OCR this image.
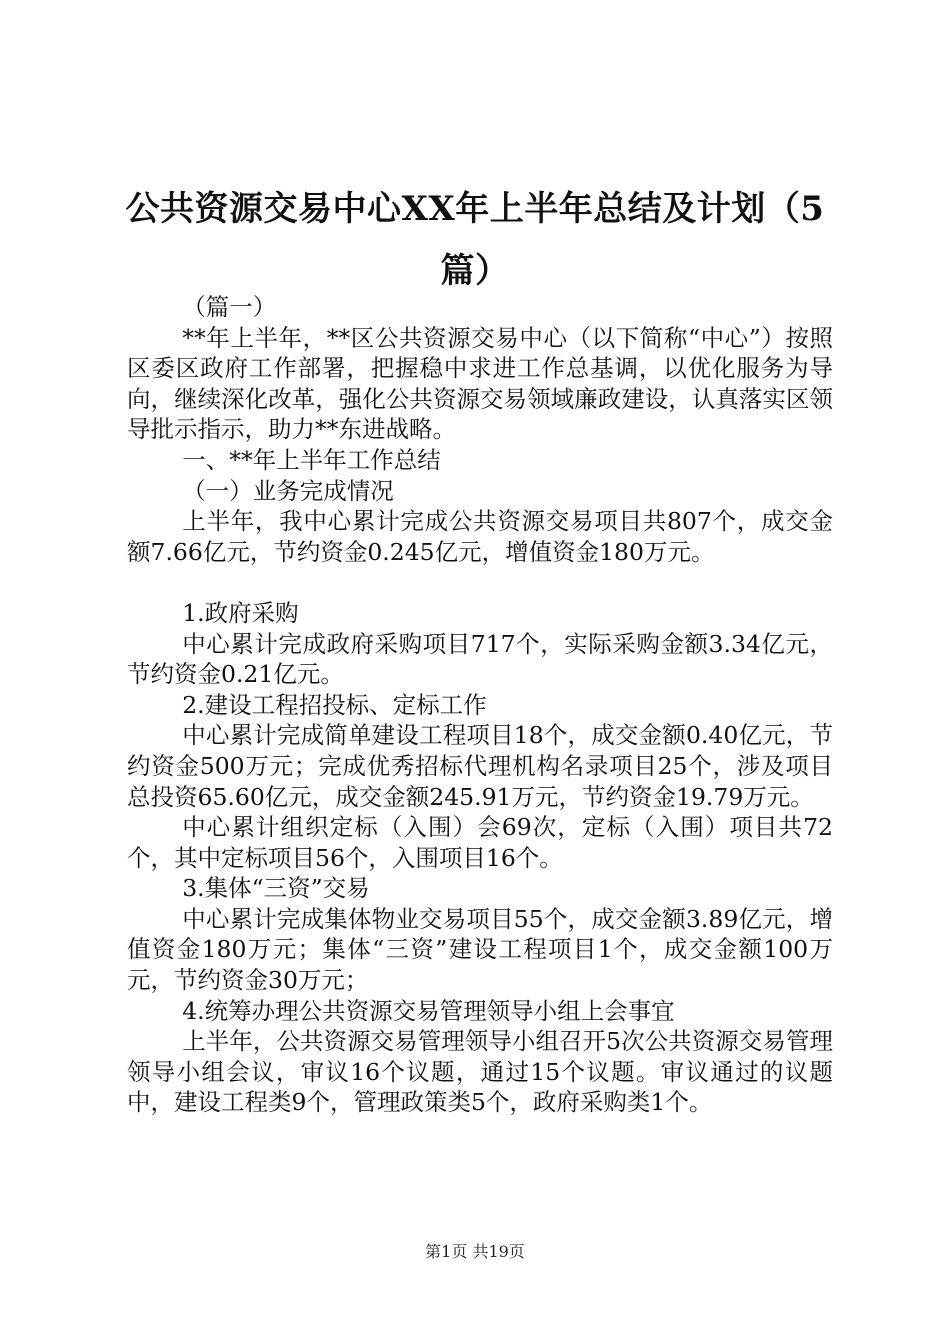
公共资源交易中心XX年上半年总结及计划（5篇）

（篇一）

**年上半年，**区公共资源交易中心（以下简称“中心”）按照区委区政府工作部署，把握稳中求进工作总基调，以优化服务为导向，继续深化改革，强化公共资源交易领域廉政建设，认真落实区领导批示指示，助力**东进战略。

一、**年上半年工作总结

（一）业务完成情况

上半年，我中心累计完成公共资源交易项目共807个，成交金额7.66亿元，节约资金0.245亿元，增值资金180万元。

1.政府采购

中心累计完成政府采购项目717个，实际采购金额3.34亿元，节约资金0.21亿元。

2.建设工程招投标、定标工作

中心累计完成简单建设工程项目18个，成交金额0.40亿元，节约资金500万元；完成优秀招标代理机构名录项目25个，涉及项目总投资65.60亿元，成交金额245.91万元，节约资金19.79万元。

中心累计组织定标（入围）会69次，定标（入围）项目共72个，其中定标项目56个，入围项目16个。

3.集体“三资”交易

中心累计完成集体物业交易项目55个，成交金额3.89亿元，增值资金180万元；集体“三资”建设工程项目1个，成交金额100万元，节约资金30万元；

4.统筹办理公共资源交易管理领导小组上会事宜

上半年，公共资源交易管理领导小组召开5次公共资源交易管理领导小组会议，审议16个议题，通过15个议题。审议通过的议题中，建设工程类9个，管理政策类5个，政府采购类1个。

第1页 共19页
